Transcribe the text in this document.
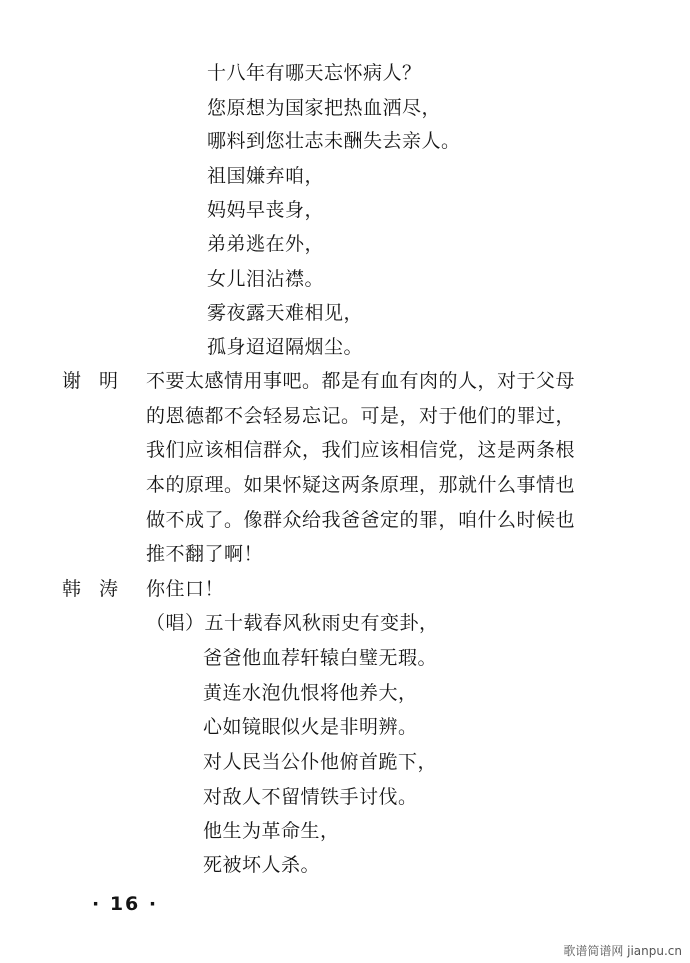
十八年有哪天忘怀病人？
您原想为国家把热血洒尽，
哪料到您壮志未酬失去亲人。
祖国嫌弃咱，
妈妈早丧身，
弟弟逃在外，
女儿泪沾襟。
雾夜露天难相见，
孤身迢迢隔烟尘。
谢 明 不要太感情用事吧。都是有血有肉的人，对于父母
的恩德都不会轻易忘记。可是，对于他们的罪过，
我们应该相信群众，我们应该相信党，这是两条根
本的原理。如果怀疑这两条原理，那就什么事情也
做不成了。像群众给我爸爸定的罪，咱什么时候也
推不翻了啊！
韩 涛 你住口！
（唱）五十载春风秋雨史有变卦，
爸爸他血荐轩辕白璧无瑕。
黄连水泡仇恨将他养大，
心如镜眼似火是非明辨。
对人民当公仆他俯首跪下，
对敌人不留情铁手讨伐。
他生为革命生，
死被坏人杀。
· 16 ·
歌谱简谱网 jianpu.cn
